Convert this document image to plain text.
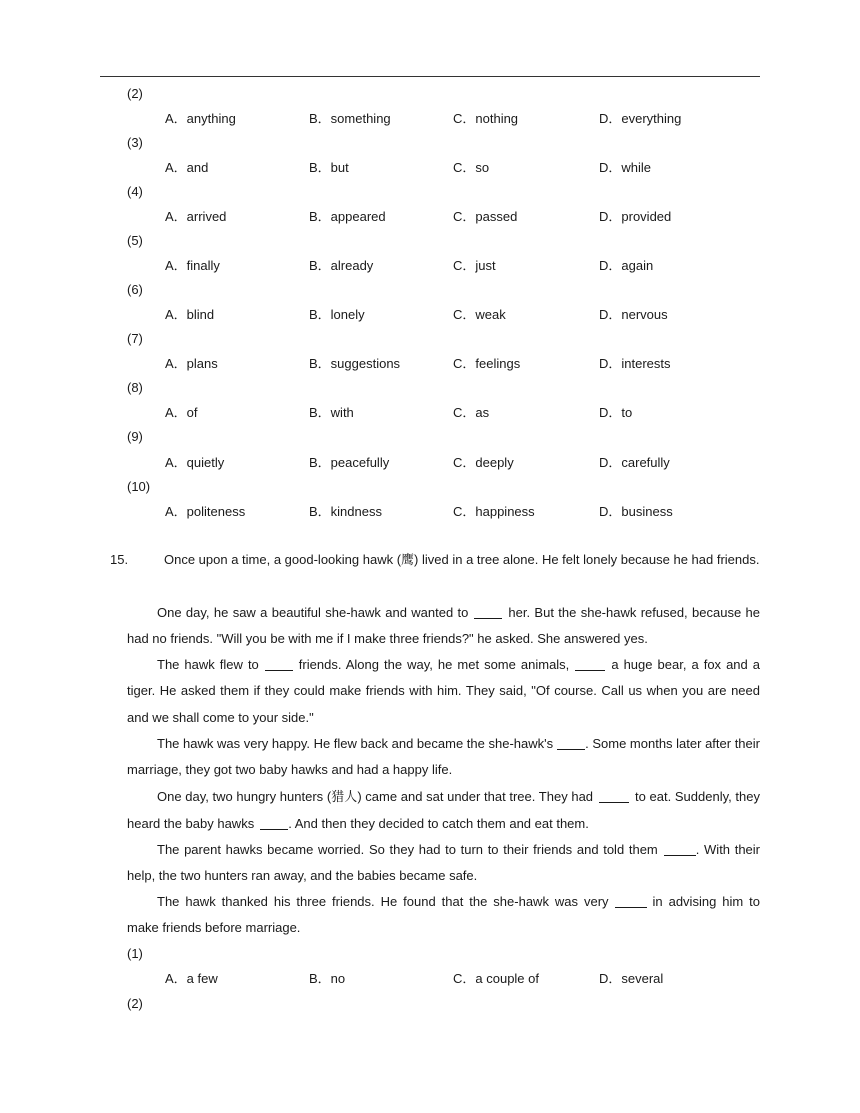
(2)
A．anything	B．something	C．nothing	D．everything
(3)
A．and	B．but	C．so	D．while
(4)
A．arrived	B．appeared	C．passed	D．provided
(5)
A．finally	B．already	C．just	D．again
(6)
A．blind	B．lonely	C．weak	D．nervous
(7)
A．plans	B．suggestions	C．feelings	D．interests
(8)
A．of	B．with	C．as	D．to
(9)
A．quietly	B．peacefully	C．deeply	D．carefully
(10)
A．politeness	B．kindness	C．happiness	D．business
15.	Once upon a time, a good-looking hawk (鹰) lived in a tree alone. He felt lonely because he had friends.
One day, he saw a beautiful she-hawk and wanted to	her. But the she-hawk refused, because he had no friends. "Will you be with me if I make three friends?" he asked. She answered yes.
The hawk flew to	friends. Along the way, he met some animals,	a huge bear, a fox and a tiger. He asked them if they could make friends with him. They said, "Of course. Call us when you are need and we shall come to your side."
The hawk was very happy. He flew back and became the she-hawk's . Some months later after their marriage, they got two baby hawks and had a happy life.
One day, two hungry hunters (猎人) came and sat under that tree. They had	to eat. Suddenly, they heard the baby hawks	. And then they decided to catch them and eat them.
The parent hawks became worried. So they had to turn to their friends and told them	. With their help, the two hunters ran away, and the babies became safe.
The hawk thanked his three friends. He found that the she-hawk was very	in advising him to make friends before marriage.
(1)
A．a few	B．no	C．a couple of	D．several
(2)
